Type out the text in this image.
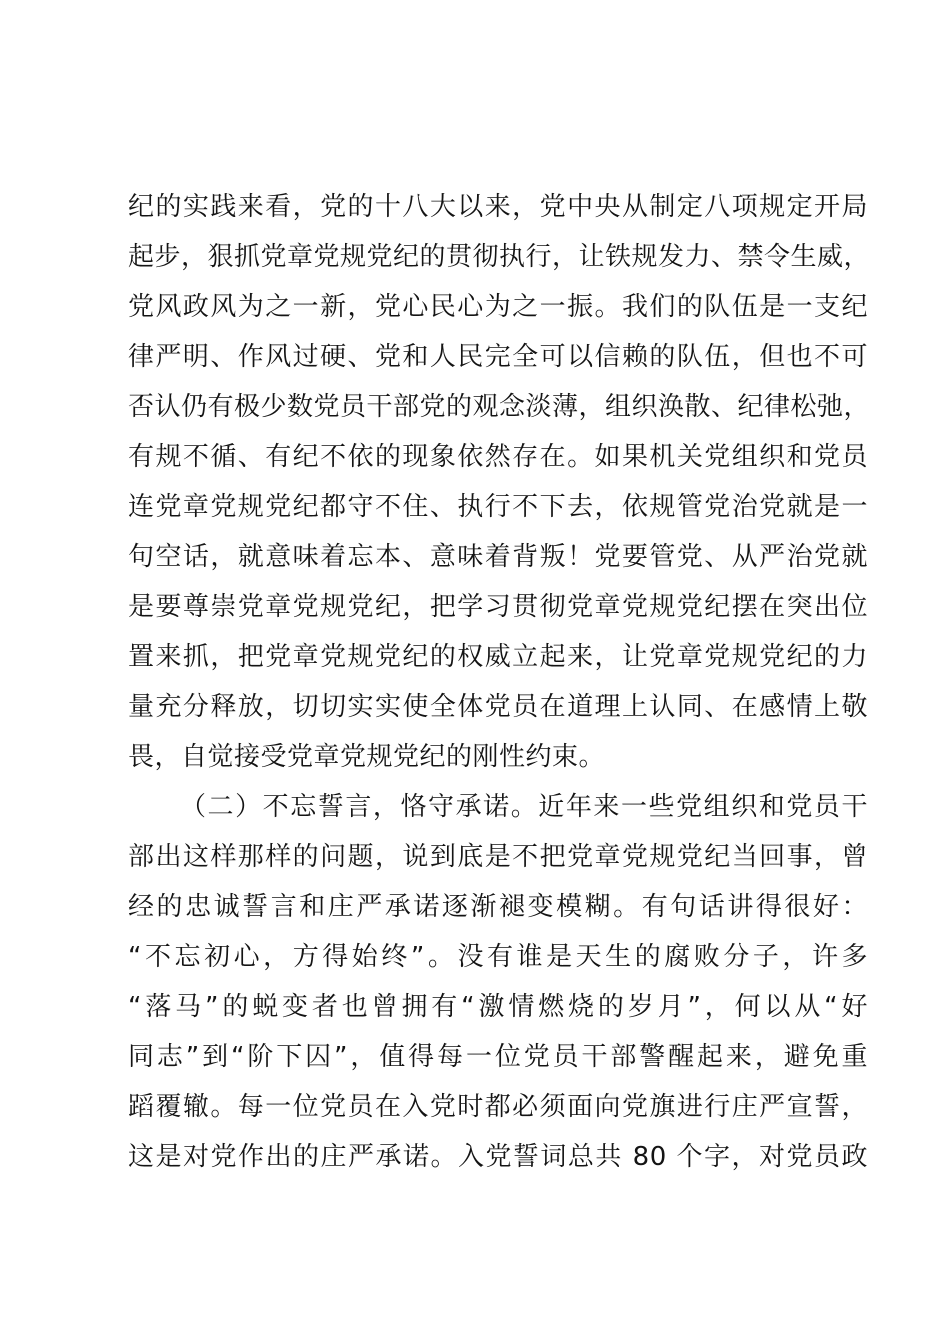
纪的实践来看，党的十八大以来，党中央从制定八项规定开局
起步，狠抓党章党规党纪的贯彻执行，让铁规发力、禁令生威，
党风政风为之一新，党心民心为之一振。我们的队伍是一支纪
律严明、作风过硬、党和人民完全可以信赖的队伍，但也不可
否认仍有极少数党员干部党的观念淡薄，组织涣散、纪律松弛，
有规不循、有纪不依的现象依然存在。如果机关党组织和党员
连党章党规党纪都守不住、执行不下去，依规管党治党就是一
句空话，就意味着忘本、意味着背叛！党要管党、从严治党就
是要尊崇党章党规党纪，把学习贯彻党章党规党纪摆在突出位
置来抓，把党章党规党纪的权威立起来，让党章党规党纪的力
量充分释放，切切实实使全体党员在道理上认同、在感情上敬
畏，自觉接受党章党规党纪的刚性约束。
（二）不忘誓言，恪守承诺。近年来一些党组织和党员干
部出这样那样的问题，说到底是不把党章党规党纪当回事，曾
经的忠诚誓言和庄严承诺逐渐褪变模糊。有句话讲得很好：
“不忘初心，方得始终”。没有谁是天生的腐败分子，许多
“落马”的蜕变者也曾拥有“激情燃烧的岁月”，何以从“好
同志”到“阶下囚”，值得每一位党员干部警醒起来，避免重
蹈覆辙。每一位党员在入党时都必须面向党旗进行庄严宣誓，
这是对党作出的庄严承诺。入党誓词总共 80 个字，对党员政
